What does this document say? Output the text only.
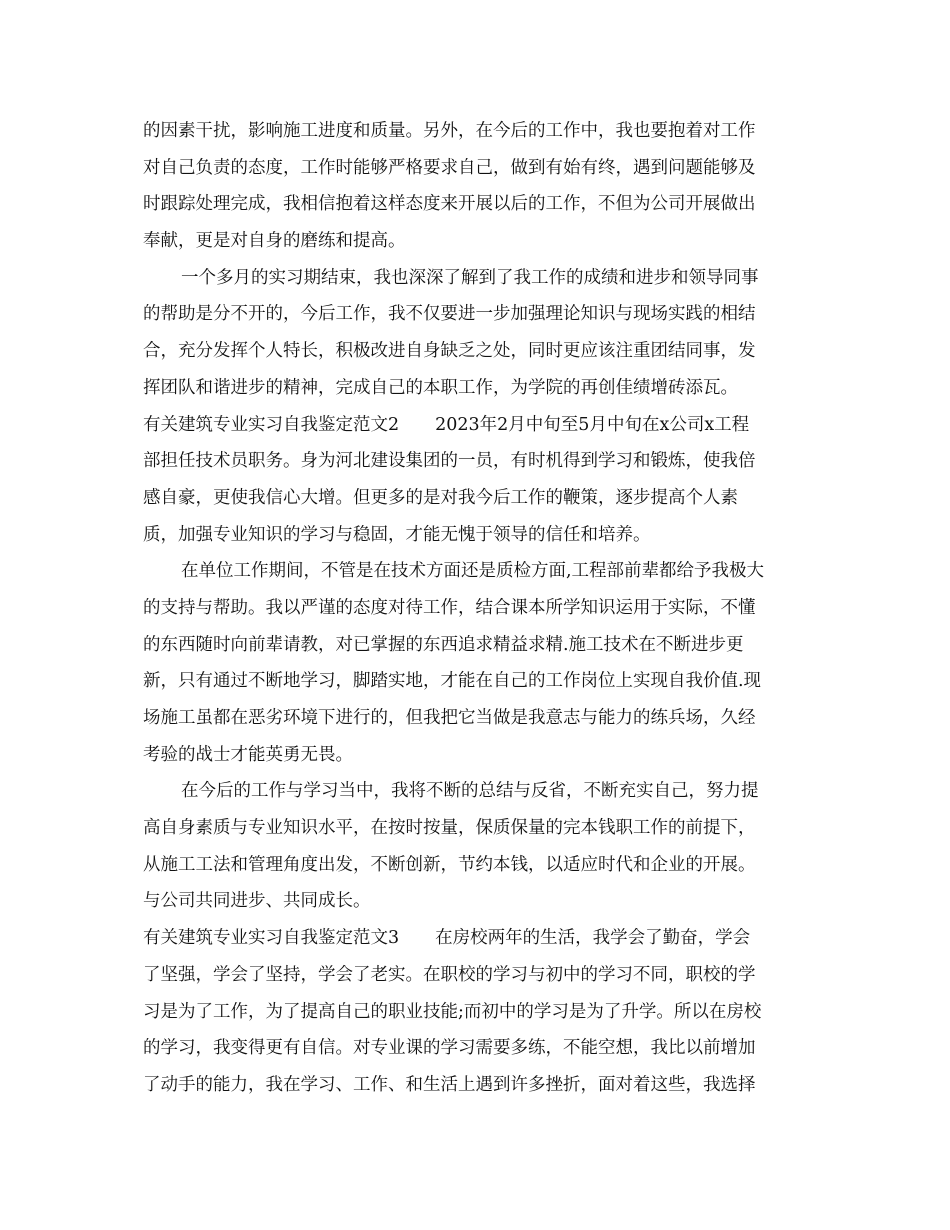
的因素干扰，影响施工进度和质量。另外，在今后的工作中，我也要抱着对工作
对自己负责的态度，工作时能够严格要求自己，做到有始有终，遇到问题能够及
时跟踪处理完成，我相信抱着这样态度来开展以后的工作，不但为公司开展做出
奉献，更是对自身的磨练和提高。
一个多月的实习期结束，我也深深了解到了我工作的成绩和进步和领导同事
的帮助是分不开的，今后工作，我不仅要进一步加强理论知识与现场实践的相结
合，充分发挥个人特长，积极改进自身缺乏之处，同时更应该注重团结同事，发
挥团队和谐进步的精神，完成自己的本职工作，为学院的再创佳绩增砖添瓦。
有关建筑专业实习自我鉴定范文2 2023年2月中旬至5月中旬在x公司x工程
部担任技术员职务。身为河北建设集团的一员，有时机得到学习和锻炼，使我倍
感自豪，更使我信心大增。但更多的是对我今后工作的鞭策，逐步提高个人素
质，加强专业知识的学习与稳固，才能无愧于领导的信任和培养。
在单位工作期间，不管是在技术方面还是质检方面,工程部前辈都给予我极大
的支持与帮助。我以严谨的态度对待工作，结合课本所学知识运用于实际，不懂
的东西随时向前辈请教，对已掌握的东西追求精益求精.施工技术在不断进步更
新，只有通过不断地学习，脚踏实地，才能在自己的工作岗位上实现自我价值.现
场施工虽都在恶劣环境下进行的，但我把它当做是我意志与能力的练兵场，久经
考验的战士才能英勇无畏。
在今后的工作与学习当中，我将不断的总结与反省，不断充实自己，努力提
高自身素质与专业知识水平，在按时按量，保质保量的完本钱职工作的前提下，
从施工工法和管理角度出发，不断创新，节约本钱，以适应时代和企业的开展。
与公司共同进步、共同成长。
有关建筑专业实习自我鉴定范文3 在房校两年的生活，我学会了勤奋，学会
了坚强，学会了坚持，学会了老实。在职校的学习与初中的学习不同，职校的学
习是为了工作，为了提高自己的职业技能;而初中的学习是为了升学。所以在房校
的学习，我变得更有自信。对专业课的学习需要多练，不能空想，我比以前增加
了动手的能力，我在学习、工作、和生活上遇到许多挫折，面对着这些，我选择
